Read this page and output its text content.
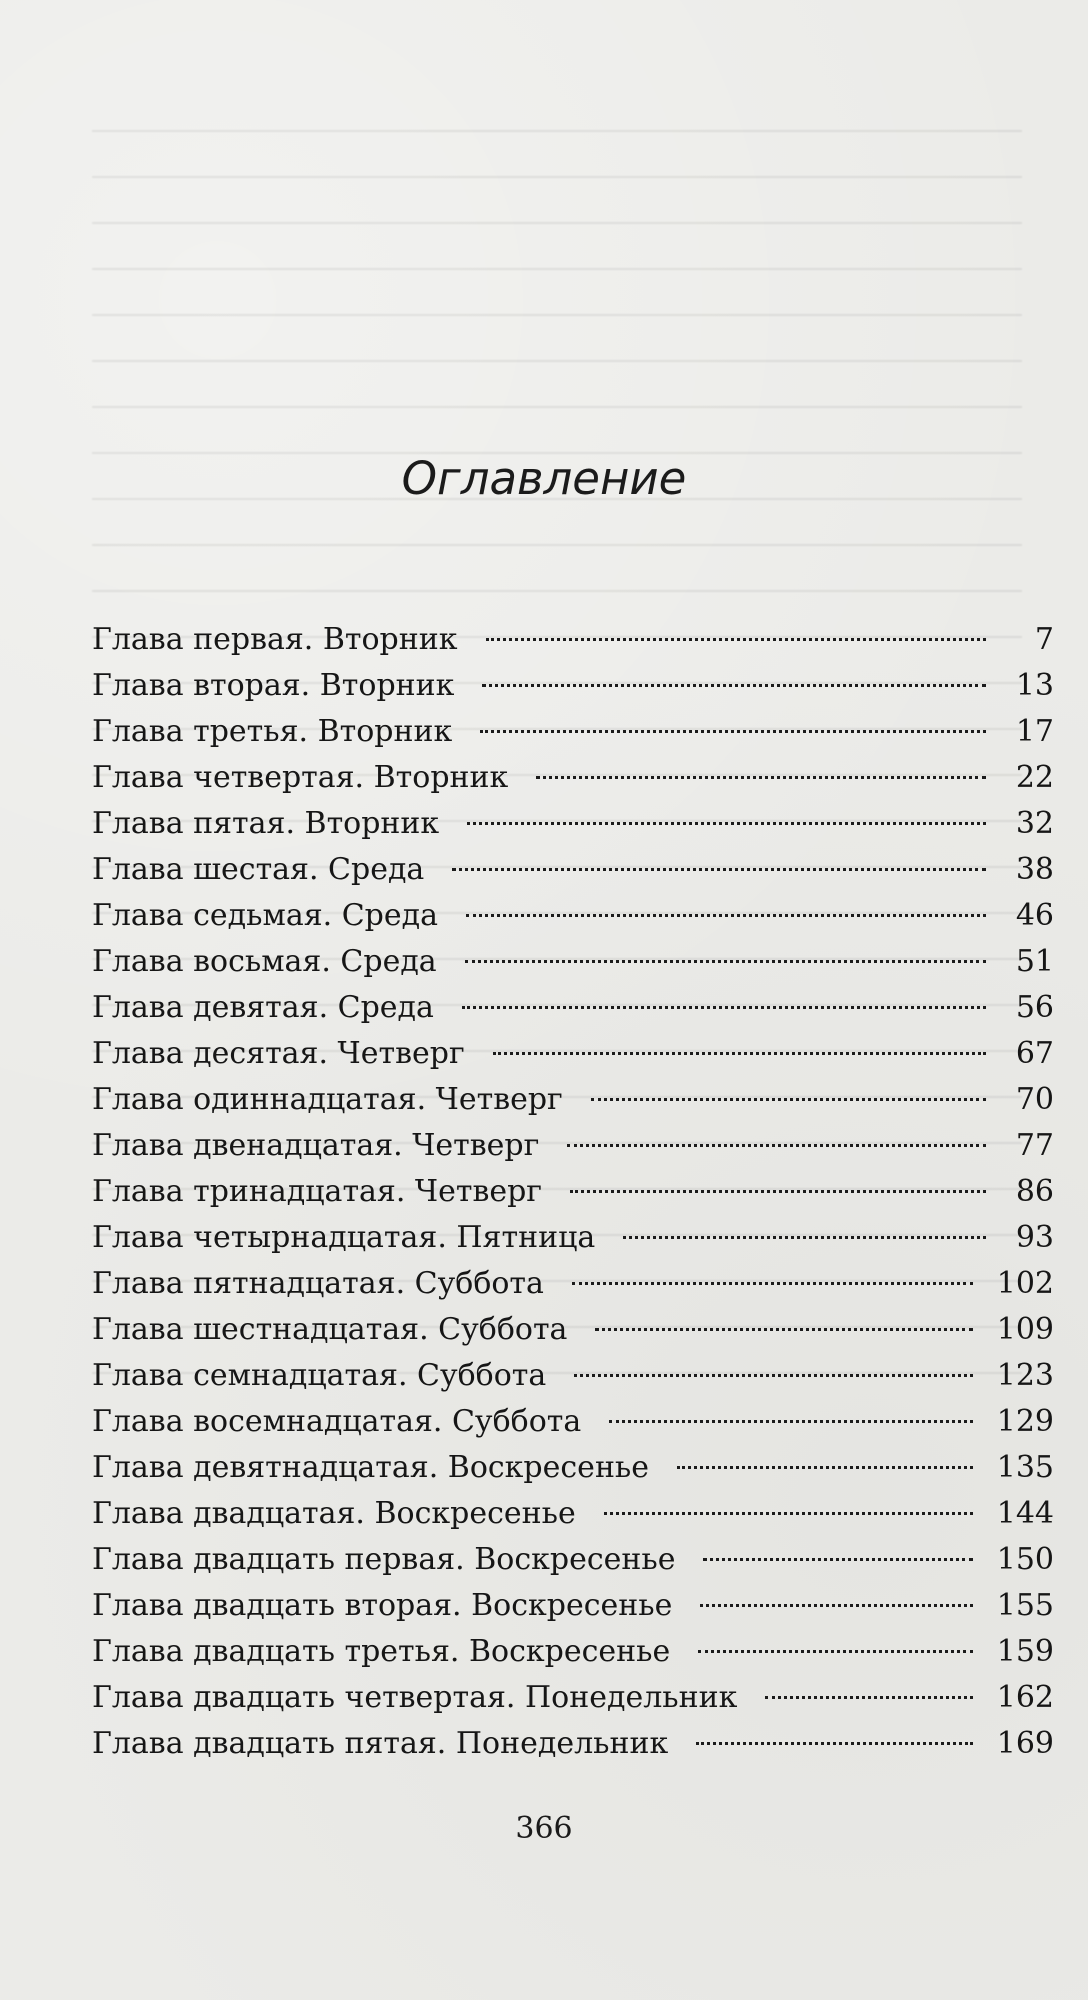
Оглавление
Глава первая. Вторник	7
Глава вторая. Вторник	13
Глава третья. Вторник	17
Глава четвертая. Вторник	22
Глава пятая. Вторник	32
Глава шестая. Среда	38
Глава седьмая. Среда	46
Глава восьмая. Среда	51
Глава девятая. Среда	56
Глава десятая. Четверг	67
Глава одиннадцатая. Четверг	70
Глава двенадцатая. Четверг	77
Глава тринадцатая. Четверг	86
Глава четырнадцатая. Пятница	93
Глава пятнадцатая. Суббота	102
Глава шестнадцатая. Суббота	109
Глава семнадцатая. Суббота	123
Глава восемнадцатая. Суббота	129
Глава девятнадцатая. Воскресенье	135
Глава двадцатая. Воскресенье	144
Глава двадцать первая. Воскресенье	150
Глава двадцать вторая. Воскресенье	155
Глава двадцать третья. Воскресенье	159
Глава двадцать четвертая. Понедельник	162
Глава двадцать пятая. Понедельник	169
366
